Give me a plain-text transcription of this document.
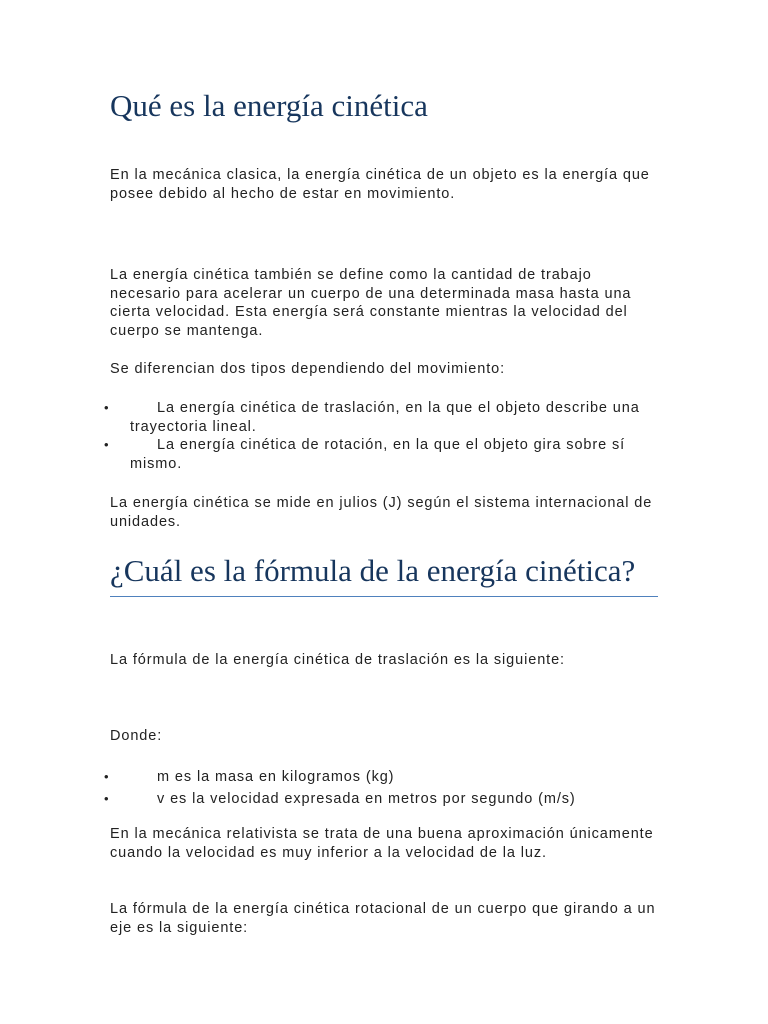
Qué es la energía cinética

En la mecánica clasica, la energía cinética de un objeto es la energía que posee debido al hecho de estar en movimiento.

La energía cinética también se define como la cantidad de trabajo necesario para acelerar un cuerpo de una determinada masa hasta una cierta velocidad. Esta energía será constante mientras la velocidad del cuerpo se mantenga.

Se diferencian dos tipos dependiendo del movimiento:

•	La energía cinética de traslación, en la que el objeto describe una trayectoria lineal.
•	La energía cinética de rotación, en la que el objeto gira sobre sí mismo.

La energía cinética se mide en julios (J) según el sistema internacional de unidades.

¿Cuál es la fórmula de la energía cinética?

La fórmula de la energía cinética de traslación es la siguiente:

Donde:

•	m es la masa en kilogramos (kg)
•	v es la velocidad expresada en metros por segundo (m/s)

En la mecánica relativista se trata de una buena aproximación únicamente cuando la velocidad es muy inferior a la velocidad de la luz.

La fórmula de la energía cinética rotacional de un cuerpo que girando a un eje es la siguiente:
